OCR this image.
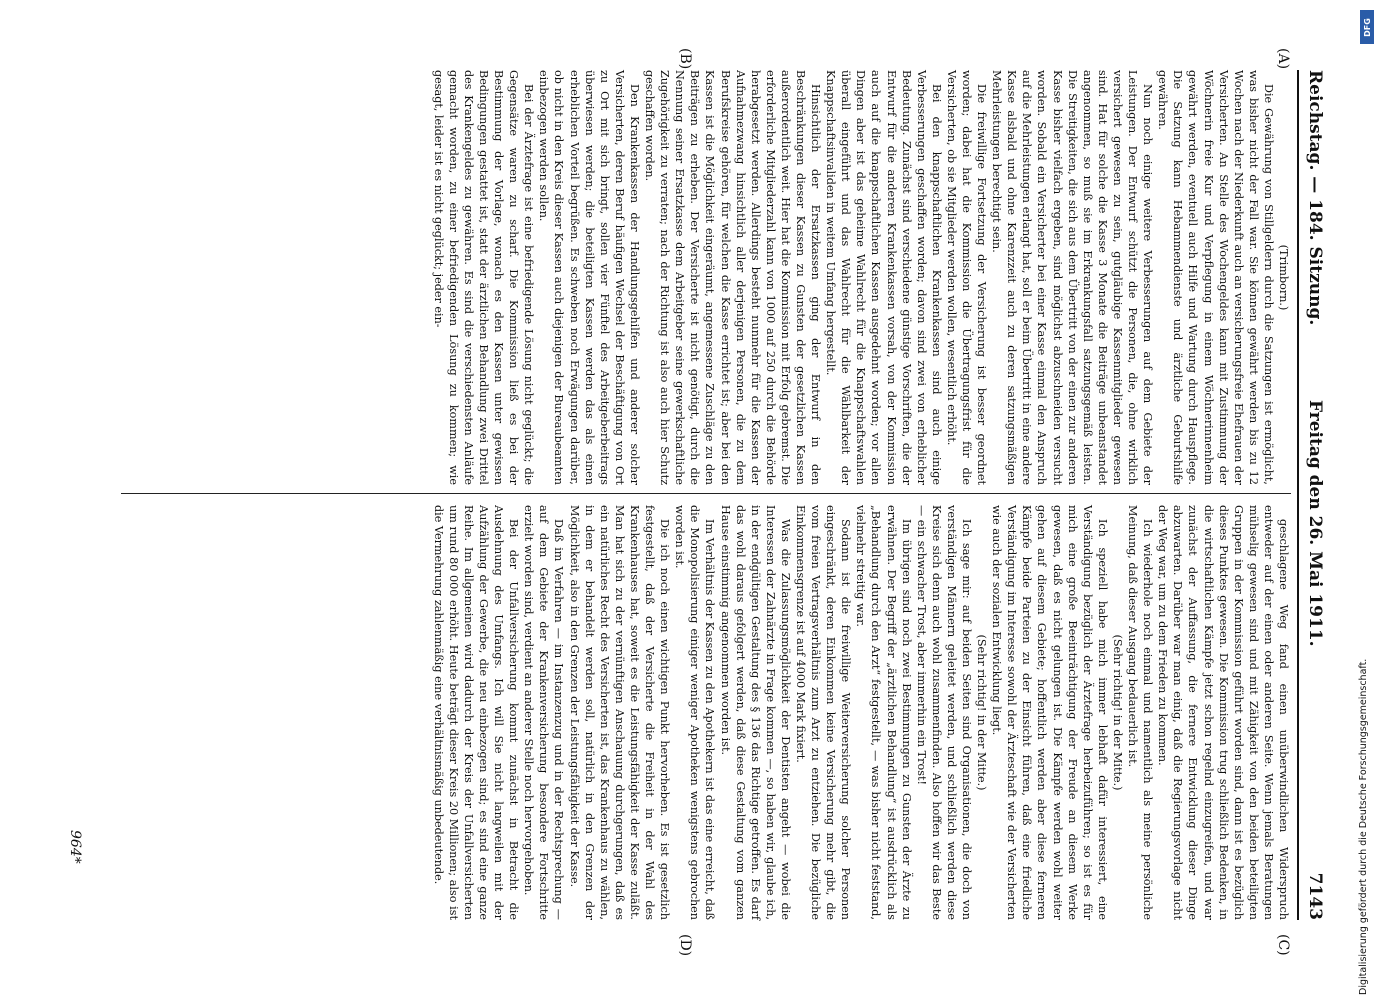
Reichstag. — 184. Sitzung.
Freitag den 26. Mai 1911.
7143
(A)
(B)
(C)
(D)

(Trimborn.)

Die Gewährung von Stillgeldern durch die Satzungen ist ermöglicht, was bisher nicht der Fall war. Sie können gewährt werden bis zu 12 Wochen nach der Niederkunft auch an versicherungsfreie Ehefrauen der Versicherten. An Stelle des Wochengeldes kann mit Zustimmung der Wöchnerin freie Kur und Verpflegung in einem Wöchnerinnenheim gewährt werden, eventuell auch Hilfe und Wartung durch Hauspflege. Die Satzung kann Hebammendienste und ärztliche Geburtshilfe gewähren.

Nun noch einige weitere Verbesserungen auf dem Gebiete der Leistungen. Der Entwurf schützt die Personen, die, ohne wirklich versichert gewesen zu sein, gutgläubige Kassenmitglieder gewesen sind. Hat für solche die Kasse 3 Monate die Beiträge unbeanstandet angenommen, so muß sie im Erkrankungsfall satzungsgemäß leisten. Die Streitigkeiten, die sich aus dem Übertritt von der einen zur anderen Kasse bisher vielfach ergeben, sind möglichst abzuschneiden versucht worden. Sobald ein Versicherter bei einer Kasse einmal den Anspruch auf die Mehrleistungen erlangt hat, soll er beim Übertritt in eine andere Kasse alsbald und ohne Karenzzeit auch zu deren satzungsmäßigen Mehrleistungen berechtigt sein.

Die freiwillige Fortsetzung der Versicherung ist besser geordnet worden; dabei hat die Kommission die Übertragungsfrist für die Versicherten, ob sie Mitglieder werden wollen, wesentlich erhöht.

Bei den knappschaftlichen Krankenkassen sind auch einige Verbesserungen geschaffen worden; davon sind zwei von erheblicher Bedeutung. Zunächst sind verschiedene günstige Vorschriften, die der Entwurf für die anderen Krankenkassen vorsah, von der Kommission auch auf die knappschaftlichen Kassen ausgedehnt worden; vor allen Dingen aber ist das geheime Wahlrecht für die Knappschaftswahlen überall eingeführt und das Wahlrecht für die Wählbarkeit der Knappschaftsinvaliden in weitem Umfang hergestellt.

Hinsichtlich der Ersatzkassen ging der Entwurf in den Beschränkungen dieser Kassen zu Gunsten der gesetzlichen Kassen außerordentlich weit. Hier hat die Kommission mit Erfolg gebremst. Die erforderliche Mitgliederzahl kann von 1000 auf 250 durch die Behörde herabgesetzt werden. Allerdings besteht nunmehr für die Kassen der Aufnahmezwang hinsichtlich aller derjenigen Personen, die zu dem Berufskreise gehören, für welchen die Kasse errichtet ist; aber bei den Kassen ist die Möglichkeit eingeräumt, angemessene Zuschläge zu den Beiträgen zu erheben. Der Versicherte ist nicht genötigt, durch die Nennung seiner Ersatzkasse dem Arbeitgeber seine gewerkschaftliche Zugehörigkeit zu verraten; nach der Richtung ist also auch hier Schutz geschaffen worden.

Den Krankenkassen der Handlungsgehilfen und anderer solcher Versicherten, deren Beruf häufigen Wechsel der Beschäftigung von Ort zu Ort mit sich bringt, sollen vier Fünftel des Arbeitgeberbeitrags überwiesen werden; die beteiligten Kassen werden das als einen erheblichen Vorteil begrüßen. Es schweben noch Erwägungen darüber, ob nicht in den Kreis dieser Kassen auch diejenigen der Bureaubeamten einbezogen werden sollen.

Bei der Ärztefrage ist eine befriedigende Lösung nicht geglückt; die Gegensätze waren zu scharf. Die Kommission ließ es bei der Bestimmung der Vorlage, wonach es den Kassen unter gewissen Bedingungen gestattet ist, statt der ärztlichen Behandlung zwei Drittel des Krankengeldes zu gewähren. Es sind die verschiedensten Anläufe gemacht worden, zu einer befriedigenden Lösung zu kommen; wie gesagt, leider ist es nicht geglückt; jeder ein-

geschlagene Weg fand einen unüberwindlichen Widerspruch entweder auf der einen oder anderen Seite. Wenn jemals Beratungen mühselig gewesen sind und mit Zähigkeit von den beiden beteiligten Gruppen in der Kommission geführt worden sind, dann ist es bezüglich dieses Punktes gewesen. Die Kommission trug schließlich Bedenken, in die wirtschaftlichen Kämpfe jetzt schon regelnd einzugreifen, und war zunächst der Auffassung, die fernere Entwicklung dieser Dinge abzuwarten. Darüber war man einig, daß die Regierungsvorlage nicht der Weg war, um zu dem Frieden zu kommen.

Ich wiederhole noch einmal und namentlich als meine persönliche Meinung, daß dieser Ausgang bedauerlich ist.

(Sehr richtig! in der Mitte.)

Ich speziell habe mich immer lebhaft dafür interessiert, eine Verständigung bezüglich der Ärztefrage herbeizuführen; so ist es für mich eine große Beeinträchtigung der Freude an diesem Werke gewesen, daß es nicht gelungen ist. Die Kämpfe werden wohl weiter gehen auf diesem Gebiete; hoffentlich werden aber diese ferneren Kämpfe beide Parteien zu der Einsicht führen, daß eine friedliche Verständigung im Interesse sowohl der Ärzteschaft wie der Versicherten wie auch der sozialen Entwicklung liegt.

(Sehr richtig! in der Mitte.)

Ich sage mir: auf beiden Seiten sind Organisationen, die doch von verständigen Männern geleitet werden, und schließlich werden diese Kreise sich denn auch wohl zusammenfinden. Also hoffen wir das Beste — ein schwacher Trost, aber immerhin ein Trost!

Im übrigen sind noch zwei Bestimmungen zu Gunsten der Ärzte zu erwähnen. Der Begriff der „ärztlichen Behandlung“ ist ausdrücklich als „Behandlung durch den Arzt“ festgestellt, — was bisher nicht feststand, vielmehr streitig war.

Sodann ist die freiwillige Weiterversicherung solcher Personen eingeschränkt, deren Einkommen keine Versicherung mehr gibt, die vom freien Vertragsverhältnis zum Arzt zu entziehen. Die bezügliche Einkommensgrenze ist auf 4000 Mark fixiert.

Was die Zulassungsmöglichkeit der Dentisten angeht — wobei die Interessen der Zahnärzte in Frage kommen —, so haben wir, glaube ich, in der endgültigen Gestaltung des § 136 das Richtige getroffen. Es darf das wohl daraus gefolgert werden, daß diese Gestaltung vom ganzen Hause einstimmig angenommen worden ist.

Im Verhältnis der Kassen zu den Apothekern ist das eine erreicht, daß die Monopolisierung einiger weniger Apotheken wenigstens gebrochen worden ist.

Die ich noch einen wichtigen Punkt hervorheben. Es ist gesetzlich festgestellt, daß der Versicherte die Freiheit in der Wahl des Krankenhauses hat, soweit es die Leistungsfähigkeit der Kasse zuläßt. Man hat sich zu der vernünftigen Anschauung durchgerungen, daß es ein natürliches Recht des Versicherten ist, das Krankenhaus zu wählen, in dem er behandelt werden soll, natürlich in den Grenzen der Möglichkeit, also in den Grenzen der Leistungsfähigkeit der Kasse.

Daß im Verfahren — im Instanzenzug und in der Rechtsprechung — auf dem Gebiete der Krankenversicherung besondere Fortschritte erzielt worden sind, verdient an anderer Stelle noch hervorgehoben.

Bei der Unfallversicherung kommt zunächst in Betracht die Ausdehnung des Umfangs. Ich will Sie nicht langweilen mit der Aufzählung der Gewerbe, die neu einbezogen sind; es sind eine ganze Reihe. Im allgemeinen wird dadurch der Kreis der Unfallversicherten um rund 80 000 erhöht. Heute beträgt dieser Kreis 20 Millionen; also ist die Vermehrung zahlenmäßig eine verhältnismäßig unbedeutende.

964*
DFG
Digitalisierung gefördert durch die Deutsche Forschungsgemeinschaft.
